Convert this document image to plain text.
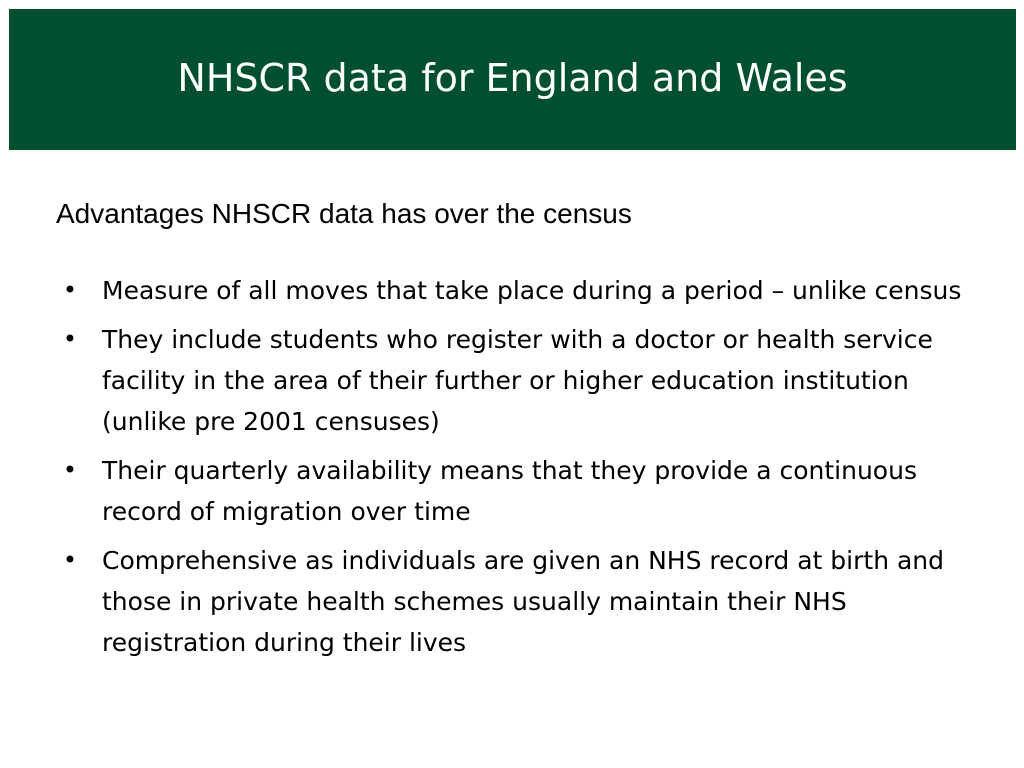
NHSCR data for England and Wales

Advantages NHSCR data has over the census

• Measure of all moves that take place during a period – unlike census
• They include students who register with a doctor or health service facility in the area of their further or higher education institution (unlike pre 2001 censuses)
• Their quarterly availability means that they provide a continuous record of migration over time
• Comprehensive as individuals are given an NHS record at birth and those in private health schemes usually maintain their NHS registration during their lives
